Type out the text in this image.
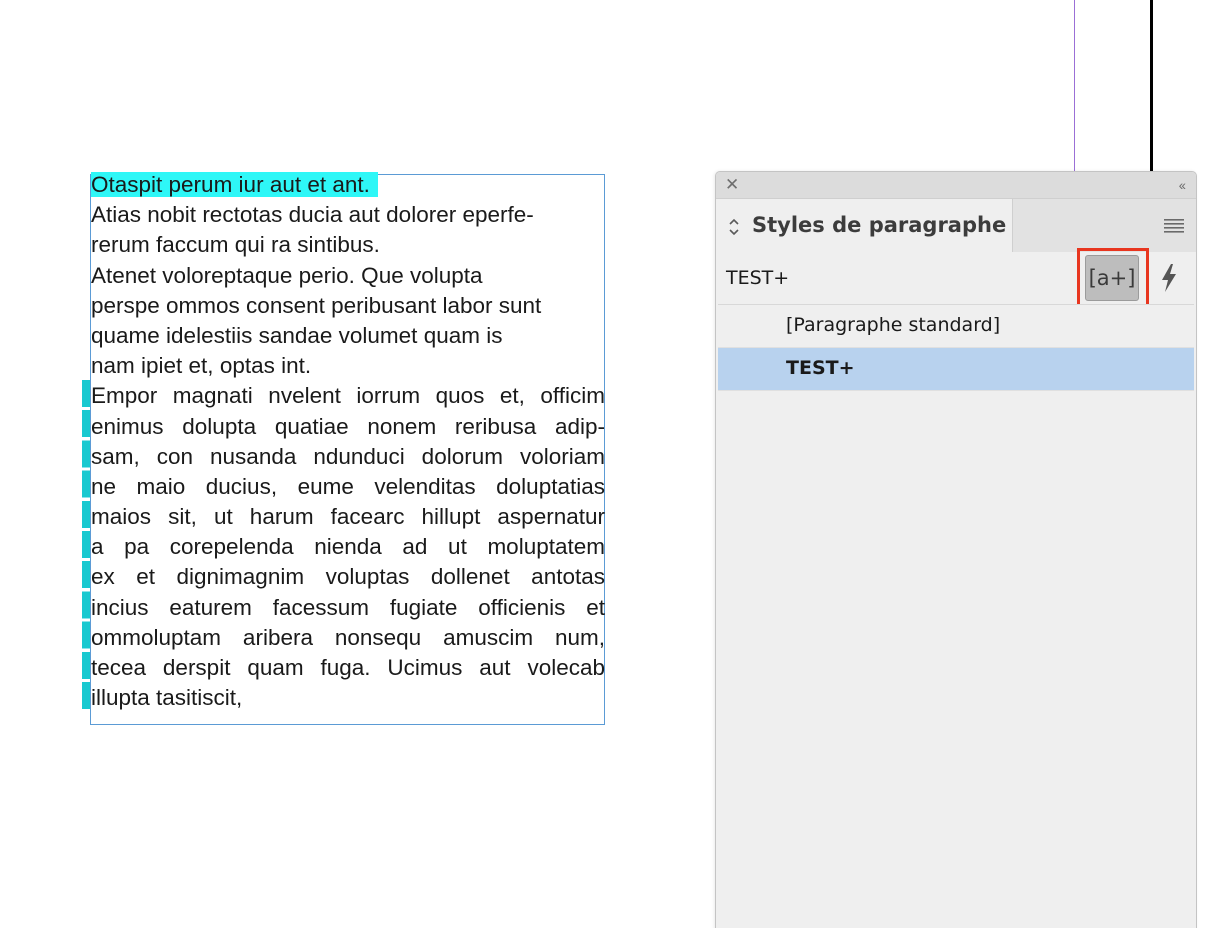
Otaspit perum iur aut et ant.
Atias nobit rectotas ducia aut dolorer eperfe-
rerum faccum qui ra sintibus.
Atenet voloreptaque perio. Que volupta
perspe ommos consent peribusant labor sunt
quame idelestiis sandae volumet quam is
nam ipiet et, optas int.
Empor magnati nvelent iorrum quos et, officim
enimus dolupta quatiae nonem reribusa adip-
sam, con nusanda ndunduci dolorum voloriam
ne maio ducius, eume velenditas doluptatias
maios sit, ut harum facearc hillupt aspernatur
a pa corepelenda nienda ad ut moluptatem
ex et dignimagnim voluptas dollenet antotas
incius eaturem facessum fugiate officienis et
ommoluptam aribera nonsequ amuscim num,
tecea derspit quam fuga. Ucimus aut volecab
illupta tasitiscit,
✕	‹‹
Styles de paragraphe
TEST+	[a+]
[Paragraphe standard]
TEST+
